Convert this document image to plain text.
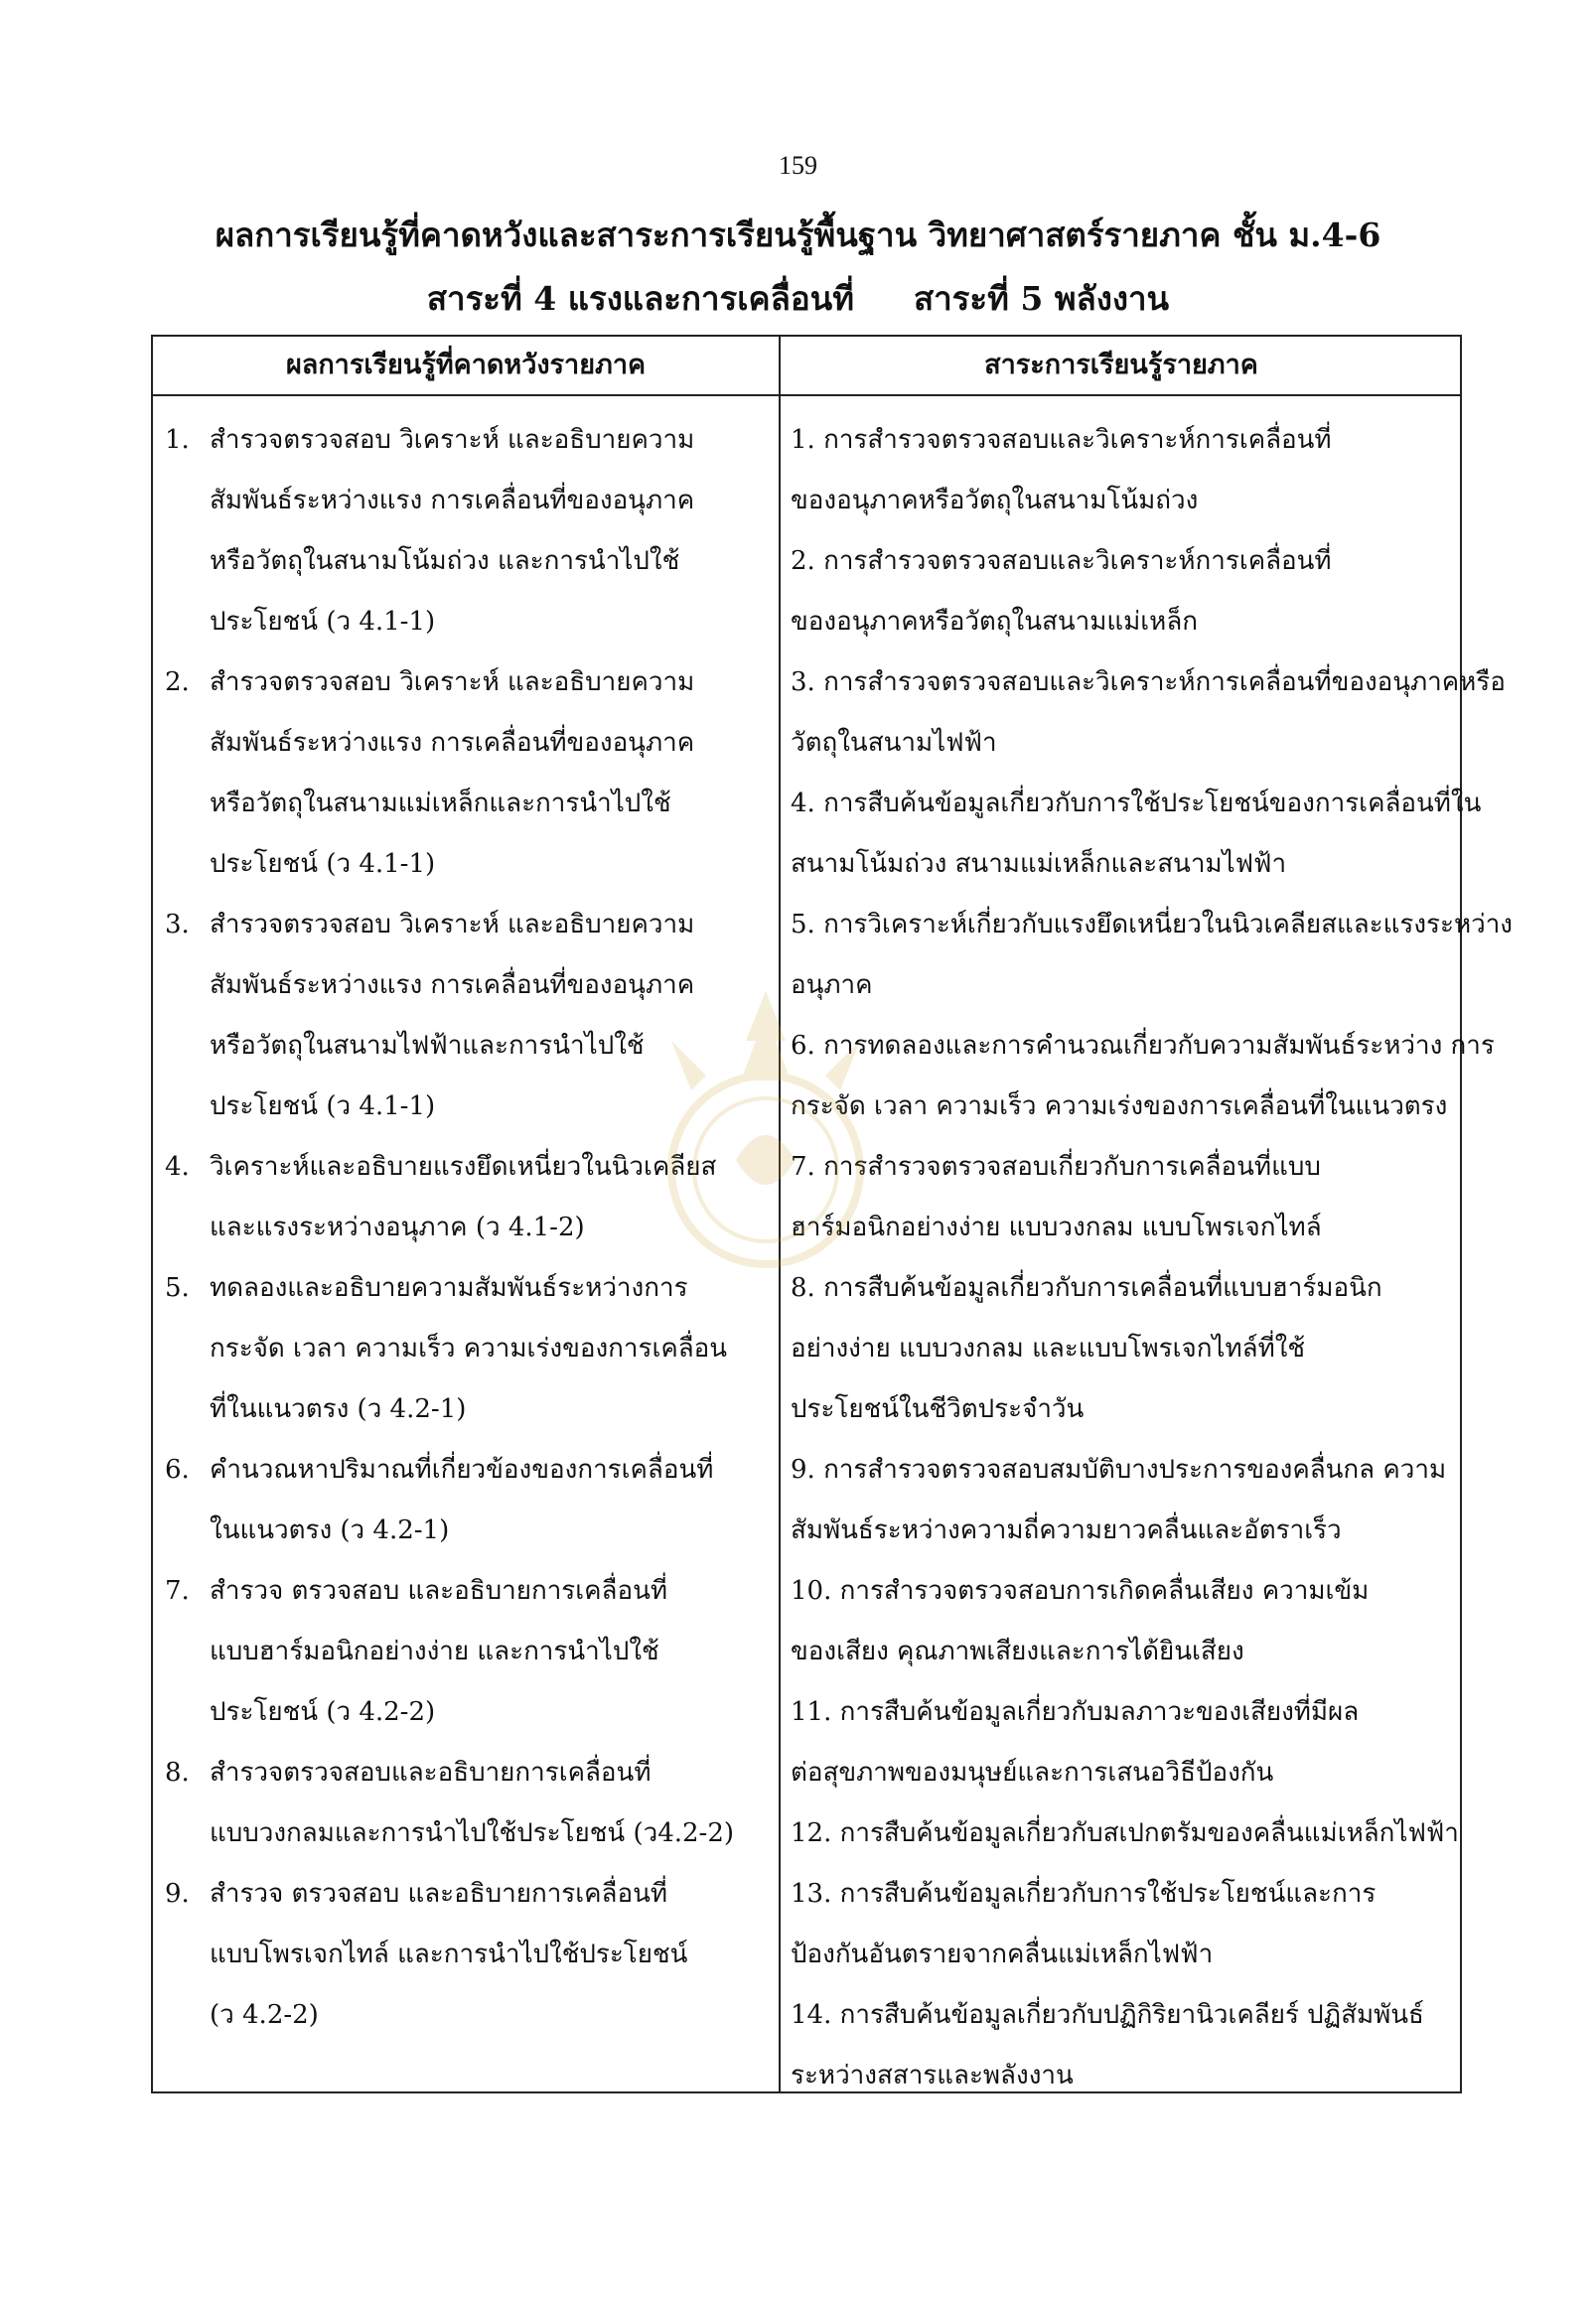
159
ผลการเรียนรู้ที่คาดหวังและสาระการเรียนรู้พื้นฐาน วิทยาศาสตร์รายภาค ชั้น ม.4-6
สาระที่ 4 แรงและการเคลื่อนที่ สาระที่ 5 พลังงาน
ผลการเรียนรู้ที่คาดหวังรายภาค	สาระการเรียนรู้รายภาค
1. สำรวจตรวจสอบ วิเคราะห์ และอธิบายความ
สัมพันธ์ระหว่างแรง การเคลื่อนที่ของอนุภาค
หรือวัตถุในสนามโน้มถ่วง และการนำไปใช้
ประโยชน์ (ว 4.1-1)
2. สำรวจตรวจสอบ วิเคราะห์ และอธิบายความ
สัมพันธ์ระหว่างแรง การเคลื่อนที่ของอนุภาค
หรือวัตถุในสนามแม่เหล็กและการนำไปใช้
ประโยชน์ (ว 4.1-1)
3. สำรวจตรวจสอบ วิเคราะห์ และอธิบายความ
สัมพันธ์ระหว่างแรง การเคลื่อนที่ของอนุภาค
หรือวัตถุในสนามไฟฟ้าและการนำไปใช้
ประโยชน์ (ว 4.1-1)
4. วิเคราะห์และอธิบายแรงยึดเหนี่ยวในนิวเคลียส
และแรงระหว่างอนุภาค (ว 4.1-2)
5. ทดลองและอธิบายความสัมพันธ์ระหว่างการ
กระจัด เวลา ความเร็ว ความเร่งของการเคลื่อน
ที่ในแนวตรง (ว 4.2-1)
6. คำนวณหาปริมาณที่เกี่ยวข้องของการเคลื่อนที่
ในแนวตรง (ว 4.2-1)
7. สำรวจ ตรวจสอบ และอธิบายการเคลื่อนที่
แบบฮาร์มอนิกอย่างง่าย และการนำไปใช้
ประโยชน์ (ว 4.2-2)
8. สำรวจตรวจสอบและอธิบายการเคลื่อนที่
แบบวงกลมและการนำไปใช้ประโยชน์ (ว4.2-2)
9. สำรวจ ตรวจสอบ และอธิบายการเคลื่อนที่
แบบโพรเจกไทล์ และการนำไปใช้ประโยชน์
(ว 4.2-2)
1. การสำรวจตรวจสอบและวิเคราะห์การเคลื่อนที่
ของอนุภาคหรือวัตถุในสนามโน้มถ่วง
2. การสำรวจตรวจสอบและวิเคราะห์การเคลื่อนที่
ของอนุภาคหรือวัตถุในสนามแม่เหล็ก
3. การสำรวจตรวจสอบและวิเคราะห์การเคลื่อนที่ของอนุภาคหรือ
วัตถุในสนามไฟฟ้า
4. การสืบค้นข้อมูลเกี่ยวกับการใช้ประโยชน์ของการเคลื่อนที่ใน
สนามโน้มถ่วง สนามแม่เหล็กและสนามไฟฟ้า
5. การวิเคราะห์เกี่ยวกับแรงยึดเหนี่ยวในนิวเคลียสและแรงระหว่าง
อนุภาค
6. การทดลองและการคำนวณเกี่ยวกับความสัมพันธ์ระหว่าง การ
กระจัด เวลา ความเร็ว ความเร่งของการเคลื่อนที่ในแนวตรง
7. การสำรวจตรวจสอบเกี่ยวกับการเคลื่อนที่แบบ
ฮาร์มอนิกอย่างง่าย แบบวงกลม แบบโพรเจกไทล์
8. การสืบค้นข้อมูลเกี่ยวกับการเคลื่อนที่แบบฮาร์มอนิก
อย่างง่าย แบบวงกลม และแบบโพรเจกไทล์ที่ใช้
ประโยชน์ในชีวิตประจำวัน
9. การสำรวจตรวจสอบสมบัติบางประการของคลื่นกล ความ
สัมพันธ์ระหว่างความถี่ความยาวคลื่นและอัตราเร็ว
10. การสำรวจตรวจสอบการเกิดคลื่นเสียง ความเข้ม
ของเสียง คุณภาพเสียงและการได้ยินเสียง
11. การสืบค้นข้อมูลเกี่ยวกับมลภาวะของเสียงที่มีผล
ต่อสุขภาพของมนุษย์และการเสนอวิธีป้องกัน
12. การสืบค้นข้อมูลเกี่ยวกับสเปกตรัมของคลื่นแม่เหล็กไฟฟ้า
13. การสืบค้นข้อมูลเกี่ยวกับการใช้ประโยชน์และการ
ป้องกันอันตรายจากคลื่นแม่เหล็กไฟฟ้า
14. การสืบค้นข้อมูลเกี่ยวกับปฏิกิริยานิวเคลียร์ ปฏิสัมพันธ์
ระหว่างสสารและพลังงาน
